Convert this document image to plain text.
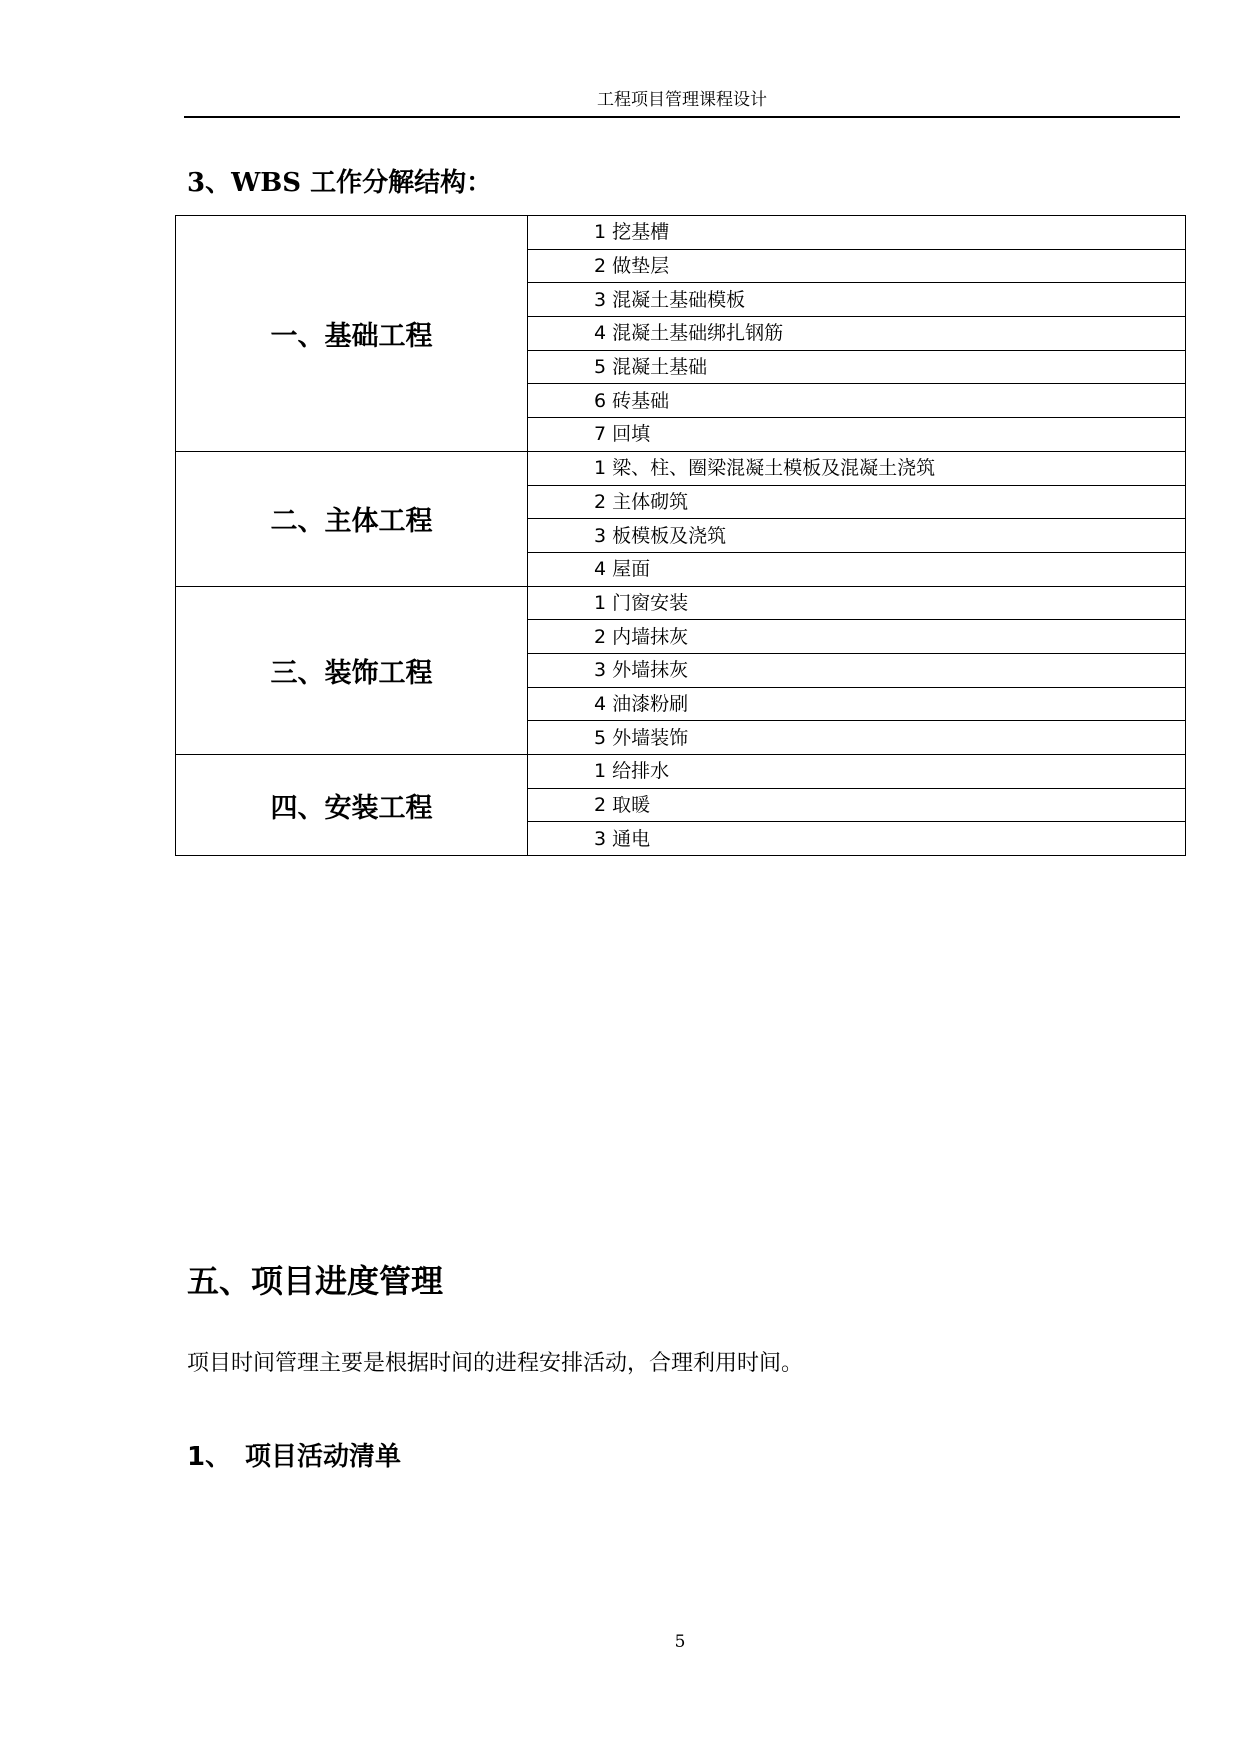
工程项目管理课程设计
3、WBS 工作分解结构：
一、基础工程	1 挖基槽
	2 做垫层
	3 混凝土基础模板
	4 混凝土基础绑扎钢筋
	5 混凝土基础
	6 砖基础
	7 回填
二、主体工程	1 梁、柱、圈梁混凝土模板及混凝土浇筑
	2 主体砌筑
	3 板模板及浇筑
	4 屋面
三、装饰工程	1 门窗安装
	2 内墙抹灰
	3 外墙抹灰
	4 油漆粉刷
	5 外墙装饰
四、安装工程	1 给排水
	2 取暖
	3 通电
五、项目进度管理
项目时间管理主要是根据时间的进程安排活动，合理利用时间。
1、 项目活动清单
5
